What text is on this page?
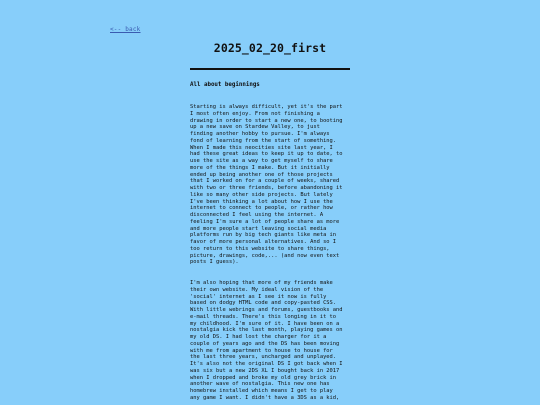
<-- back
2025_02_20_first
All about beginnings

Starting is always difficult, yet it's the part
I most often enjoy. From not finishing a
drawing in order to start a new one, to booting
up a new save on Stardew Valley, to just
finding another hobby to pursue. I'm always
fond of learning from the start of something.
When I made this neocities site last year, I
had these great ideas to keep it up to date, to
use the site as a way to get myself to share
more of the things I make. But it initially
ended up being another one of those projects
that I worked on for a couple of weeks, shared
with two or three friends, before abandoning it
like so many other side projects. But lately
I've been thinking a lot about how I use the
internet to connect to people, or rather how
disconnected I feel using the internet. A
feeling I'm sure a lot of people share as more
and more people start leaving social media
platforms run by big tech giants like meta in
favor of more personal alternatives. And so I
too return to this website to share things,
picture, drawings, code,... (and now even text
posts I guess).

I'm also hoping that more of my friends make
their own website. My ideal vision of the
'social' internet as I see it now is fully
based on dodgy HTML code and copy-pasted CSS.
With little webrings and forums, guestbooks and
e-mail threads. There's this longing in it to
my childhood. I'm sure of it. I have been on a
nostalgia kick the last month, playing games on
my old DS. I had lost the charger for it a
couple of years ago and the DS has been moving
with me from apartment to house to house for
the last three years, uncharged and unplayed.
It's also not the original DS I got back when I
was six but a new 2DS XL I bought back in 2017
when I dropped and broke my old grey brick in
another wave of nostalgia. This new one has
homebrew installed which means I get to play
any game I want. I didn't have a 3DS as a kid,
